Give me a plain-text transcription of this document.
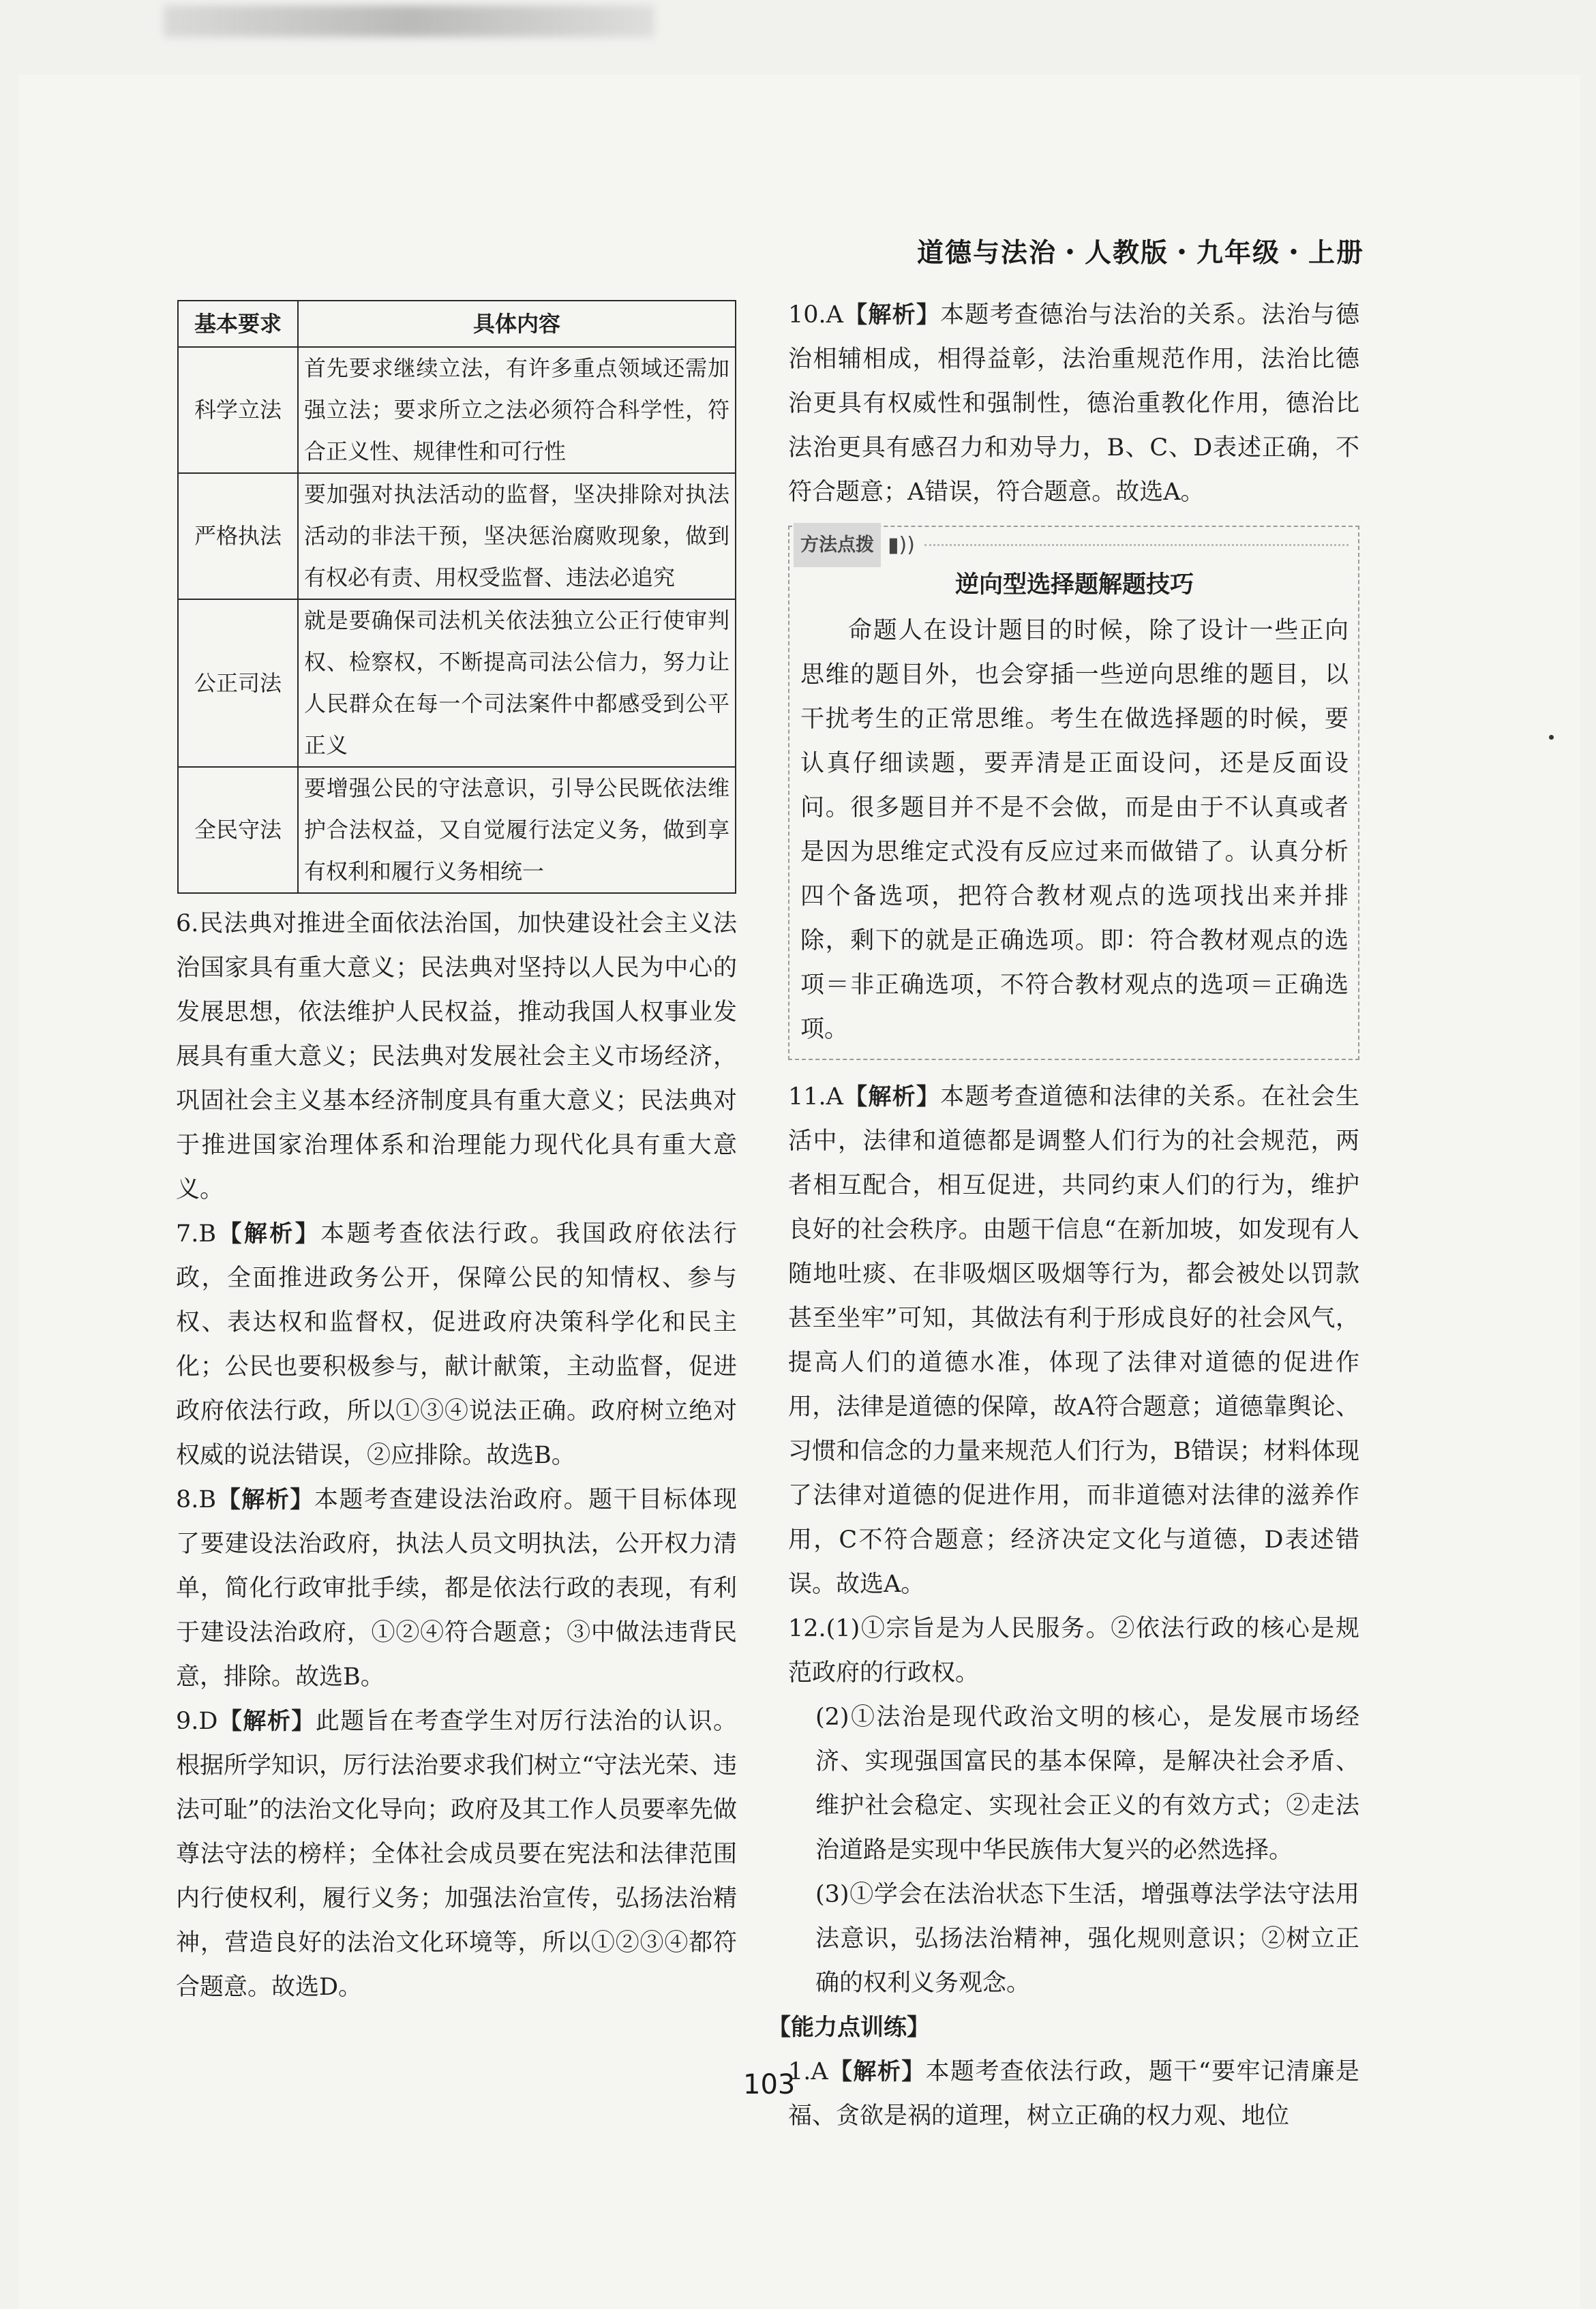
道德与法治・人教版・九年级・上册
基本要求	具体内容
科学立法	首先要求继续立法，有许多重点领域还需加强立法；要求所立之法必须符合科学性，符合正义性、规律性和可行性
严格执法	要加强对执法活动的监督，坚决排除对执法活动的非法干预，坚决惩治腐败现象，做到有权必有责、用权受监督、违法必追究
公正司法	就是要确保司法机关依法独立公正行使审判权、检察权，不断提高司法公信力，努力让人民群众在每一个司法案件中都感受到公平正义
全民守法	要增强公民的守法意识，引导公民既依法维护合法权益，又自觉履行法定义务，做到享有权利和履行义务相统一

6.民法典对推进全面依法治国，加快建设社会主义法治国家具有重大意义；民法典对坚持以人民为中心的发展思想，依法维护人民权益，推动我国人权事业发展具有重大意义；民法典对发展社会主义市场经济，巩固社会主义基本经济制度具有重大意义；民法典对于推进国家治理体系和治理能力现代化具有重大意义。

7.B【解析】本题考查依法行政。我国政府依法行政，全面推进政务公开，保障公民的知情权、参与权、表达权和监督权，促进政府决策科学化和民主化；公民也要积极参与，献计献策，主动监督，促进政府依法行政，所以①③④说法正确。政府树立绝对权威的说法错误，②应排除。故选B。

8.B【解析】本题考查建设法治政府。题干目标体现了要建设法治政府，执法人员文明执法，公开权力清单，简化行政审批手续，都是依法行政的表现，有利于建设法治政府，①②④符合题意；③中做法违背民意，排除。故选B。

9.D【解析】此题旨在考查学生对厉行法治的认识。根据所学知识，厉行法治要求我们树立“守法光荣、违法可耻”的法治文化导向；政府及其工作人员要率先做尊法守法的榜样；全体社会成员要在宪法和法律范围内行使权利，履行义务；加强法治宣传，弘扬法治精神，营造良好的法治文化环境等，所以①②③④都符合题意。故选D。

10.A【解析】本题考查德治与法治的关系。法治与德治相辅相成，相得益彰，法治重规范作用，法治比德治更具有权威性和强制性，德治重教化作用，德治比法治更具有感召力和劝导力，B、C、D表述正确，不符合题意；A错误，符合题意。故选A。

方法点拨 ▮))
逆向型选择题解题技巧

命题人在设计题目的时候，除了设计一些正向思维的题目外，也会穿插一些逆向思维的题目，以干扰考生的正常思维。考生在做选择题的时候，要认真仔细读题，要弄清是正面设问，还是反面设问。很多题目并不是不会做，而是由于不认真或者是因为思维定式没有反应过来而做错了。认真分析四个备选项，把符合教材观点的选项找出来并排除，剩下的就是正确选项。即：符合教材观点的选项＝非正确选项，不符合教材观点的选项＝正确选项。

11.A【解析】本题考查道德和法律的关系。在社会生活中，法律和道德都是调整人们行为的社会规范，两者相互配合，相互促进，共同约束人们的行为，维护良好的社会秩序。由题干信息“在新加坡，如发现有人随地吐痰、在非吸烟区吸烟等行为，都会被处以罚款甚至坐牢”可知，其做法有利于形成良好的社会风气，提高人们的道德水准，体现了法律对道德的促进作用，法律是道德的保障，故A符合题意；道德靠舆论、习惯和信念的力量来规范人们行为，B错误；材料体现了法律对道德的促进作用，而非道德对法律的滋养作用，C不符合题意；经济决定文化与道德，D表述错误。故选A。

12.(1)①宗旨是为人民服务。②依法行政的核心是规范政府的行政权。

(2)①法治是现代政治文明的核心，是发展市场经济、实现强国富民的基本保障，是解决社会矛盾、维护社会稳定、实现社会正义的有效方式；②走法治道路是实现中华民族伟大复兴的必然选择。

(3)①学会在法治状态下生活，增强尊法学法守法用法意识，弘扬法治精神，强化规则意识；②树立正确的权利义务观念。

【能力点训练】

1.A【解析】本题考查依法行政，题干“要牢记清廉是福、贪欲是祸的道理，树立正确的权力观、地位

103
